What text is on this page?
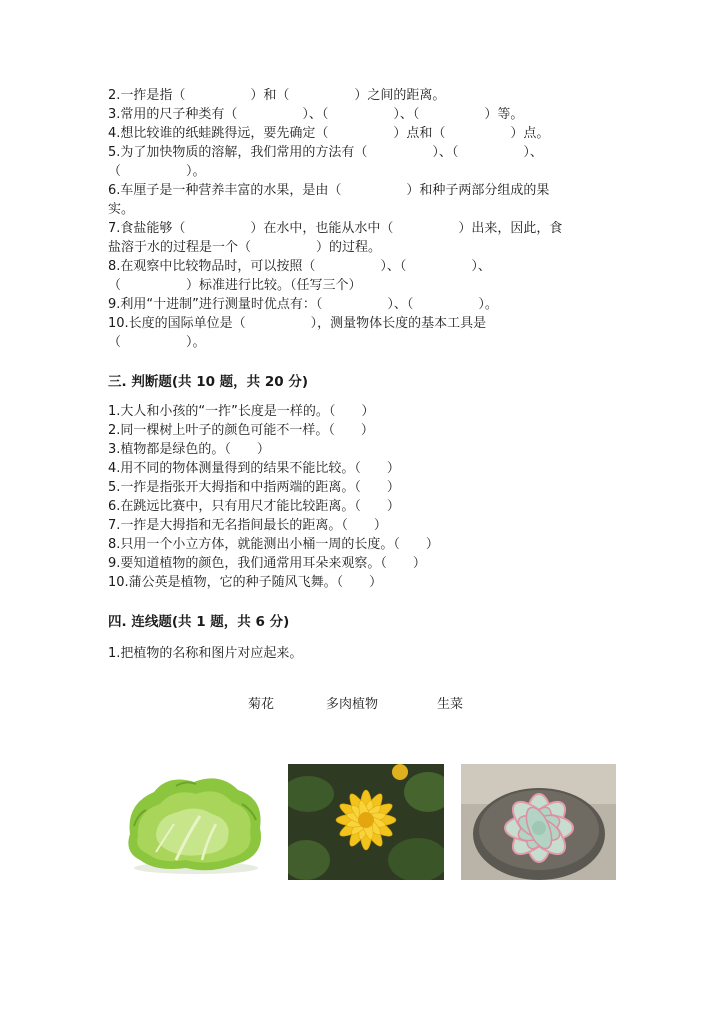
2.一拃是指（　　　　　）和（　　　　　）之间的距离。
3.常用的尺子种类有（　　　　　）、（　　　　　）、（　　　　　）等。
4.想比较谁的纸蛙跳得远，要先确定（　　　　　）点和（　　　　　）点。
5.为了加快物质的溶解，我们常用的方法有（　　　　　）、（　　　　　）、
（　　　　　）。
6.车厘子是一种营养丰富的水果，是由（　　　　　）和种子两部分组成的果
实。
7.食盐能够（　　　　　）在水中，也能从水中（　　　　　）出来，因此，食
盐溶于水的过程是一个（　　　　　）的过程。
8.在观察中比较物品时，可以按照（　　　　　）、（　　　　　）、
（　　　　　）标准进行比较。（任写三个）
9.利用“十进制”进行测量时优点有：（　　　　　）、（　　　　　）。
10.长度的国际单位是（　　　　　），测量物体长度的基本工具是
（　　　　　）。
三. 判断题(共 10 题，共 20 分)
1.大人和小孩的“一拃”长度是一样的。（　　）
2.同一棵树上叶子的颜色可能不一样。（　　）
3.植物都是绿色的。（　　）
4.用不同的物体测量得到的结果不能比较。（　　）
5.一拃是指张开大拇指和中指两端的距离。（　　）
6.在跳远比赛中，只有用尺才能比较距离。（　　）
7.一拃是大拇指和无名指间最长的距离。（　　）
8.只用一个小立方体，就能测出小桶一周的长度。（　　）
9.要知道植物的颜色，我们通常用耳朵来观察。（　　）
10.蒲公英是植物，它的种子随风飞舞。（　　）
四. 连线题(共 1 题，共 6 分)
1.把植物的名称和图片对应起来。
菊花	多肉植物	生菜
